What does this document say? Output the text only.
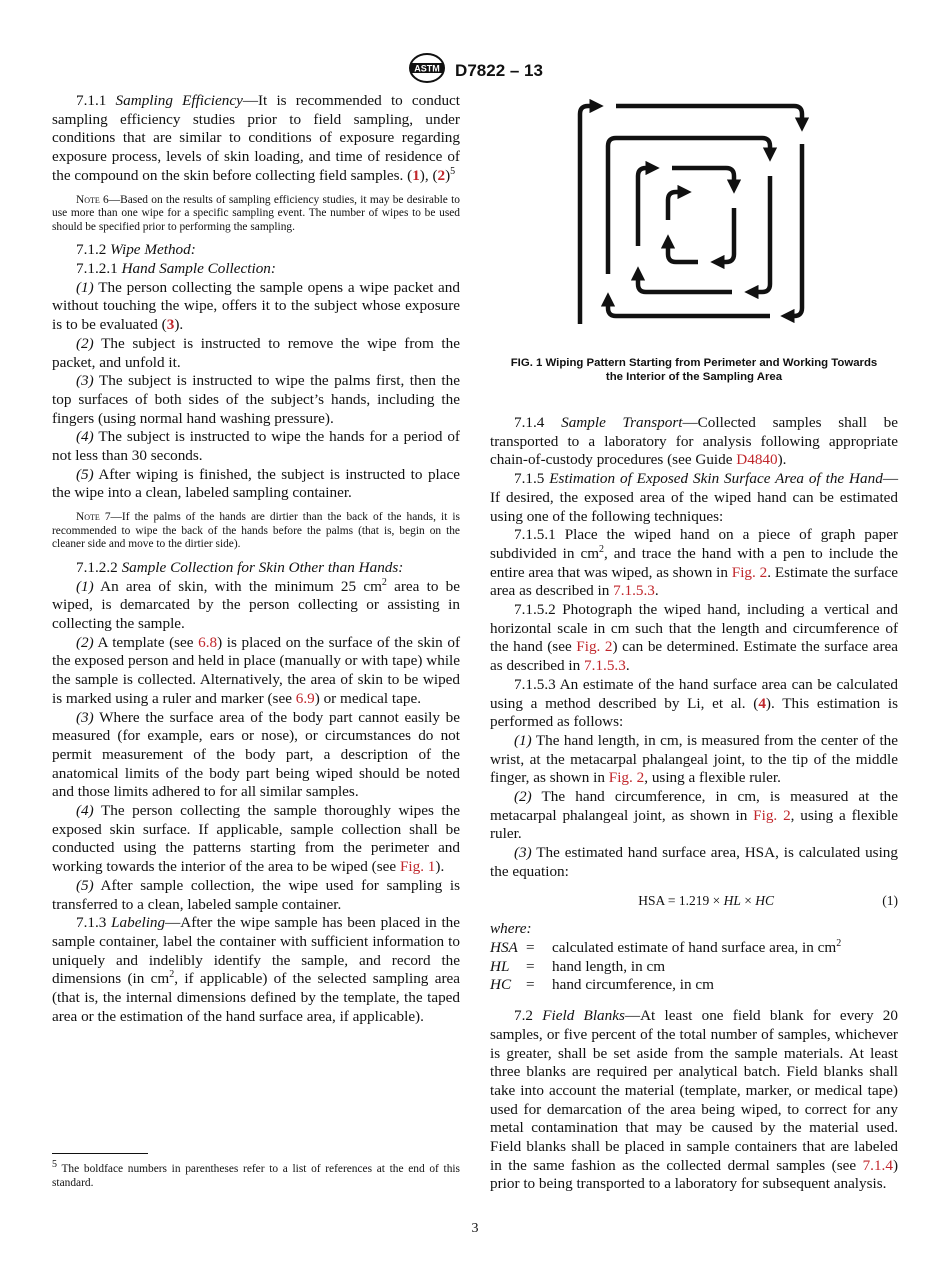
ASTM D7822 – 13

7.1.1 Sampling Efficiency—It is recommended to conduct sampling efficiency studies prior to field sampling, under conditions that are similar to conditions of exposure regarding exposure process, levels of skin loading, and time of residence of the compound on the skin before collecting field samples. (1), $(2)^5$

Note 6—Based on the results of sampling efficiency studies, it may be desirable to use more than one wipe for a specific sampling event. The number of wipes to be used should be specified prior to performing the sampling.

7.1.2 Wipe Method:

7.1.2.1 Hand Sample Collection:

(1) The person collecting the sample opens a wipe packet and without touching the wipe, offers it to the subject whose exposure is to be evaluated (3).

(2) The subject is instructed to remove the wipe from the packet, and unfold it.

(3) The subject is instructed to wipe the palms first, then the top surfaces of both sides of the subject’s hands, including the fingers (using normal hand washing pressure).

(4) The subject is instructed to wipe the hands for a period of not less than 30 seconds.

(5) After wiping is finished, the subject is instructed to place the wipe into a clean, labeled sampling container.

Note 7—If the palms of the hands are dirtier than the back of the hands, it is recommended to wipe the back of the hands before the palms (that is, begin on the cleaner side and move to the dirtier side).

7.1.2.2 Sample Collection for Skin Other than Hands:

(1) An area of skin, with the minimum 25 $cm^2$ area to be wiped, is demarcated by the person collecting or assisting in collecting the sample.

(2) A template (see 6.8) is placed on the surface of the skin of the exposed person and held in place (manually or with tape) while the sample is collected. Alternatively, the area of skin to be wiped is marked using a ruler and marker (see 6.9) or medical tape.

(3) Where the surface area of the body part cannot easily be measured (for example, ears or nose), or circumstances do not permit measurement of the body part, a description of the anatomical limits of the body part being wiped should be noted and those limits adhered to for all similar samples.

(4) The person collecting the sample thoroughly wipes the exposed skin surface. If applicable, sample collection shall be conducted using the patterns starting from the perimeter and working towards the interior of the area to be wiped (see Fig. 1).

(5) After sample collection, the wipe used for sampling is transferred to a clean, labeled sample container.

7.1.3 Labeling—After the wipe sample has been placed in the sample container, label the container with sufficient information to uniquely and indelibly identify the sample, and record the dimensions (in $cm^2$, if applicable) of the selected sampling area (that is, the internal dimensions defined by the template, the taped area or the estimation of the hand surface area, if applicable).

$^5$ The boldface numbers in parentheses refer to a list of references at the end of this standard.

FIG. 1 Wiping Pattern Starting from Perimeter and Working Towards the Interior of the Sampling Area

7.1.4 Sample Transport—Collected samples shall be transported to a laboratory for analysis following appropriate chain-of-custody procedures (see Guide D4840).

7.1.5 Estimation of Exposed Skin Surface Area of the Hand—If desired, the exposed area of the wiped hand can be estimated using one of the following techniques:

7.1.5.1 Place the wiped hand on a piece of graph paper subdivided in $cm^2$, and trace the hand with a pen to include the entire area that was wiped, as shown in Fig. 2. Estimate the surface area as described in 7.1.5.3.

7.1.5.2 Photograph the wiped hand, including a vertical and horizontal scale in cm such that the length and circumference of the hand (see Fig. 2) can be determined. Estimate the surface area as described in 7.1.5.3.

7.1.5.3 An estimate of the hand surface area can be calculated using a method described by Li, et al. (4). This estimation is performed as follows:

(1) The hand length, in cm, is measured from the center of the wrist, at the metacarpal phalangeal joint, to the tip of the middle finger, as shown in Fig. 2, using a flexible ruler.

(2) The hand circumference, in cm, is measured at the metacarpal phalangeal joint, as shown in Fig. 2, using a flexible ruler.

(3) The estimated hand surface area, HSA, is calculated using the equation:

HSA = 1.219 × HL × HC	(1)

where:

HSA	=	calculated estimate of hand surface area, in $cm^2$
HL	=	hand length, in cm
HC	=	hand circumference, in cm

7.2 Field Blanks—At least one field blank for every 20 samples, or five percent of the total number of samples, whichever is greater, shall be set aside from the sample materials. At least three blanks are required per analytical batch. Field blanks shall take into account the material (template, marker, or medical tape) used for demarcation of the area being wiped, to correct for any metal contamination that may be caused by the material used. Field blanks shall be placed in sample containers that are labeled in the same fashion as the collected dermal samples (see 7.1.4) prior to being transported to a laboratory for subsequent analysis.

3
